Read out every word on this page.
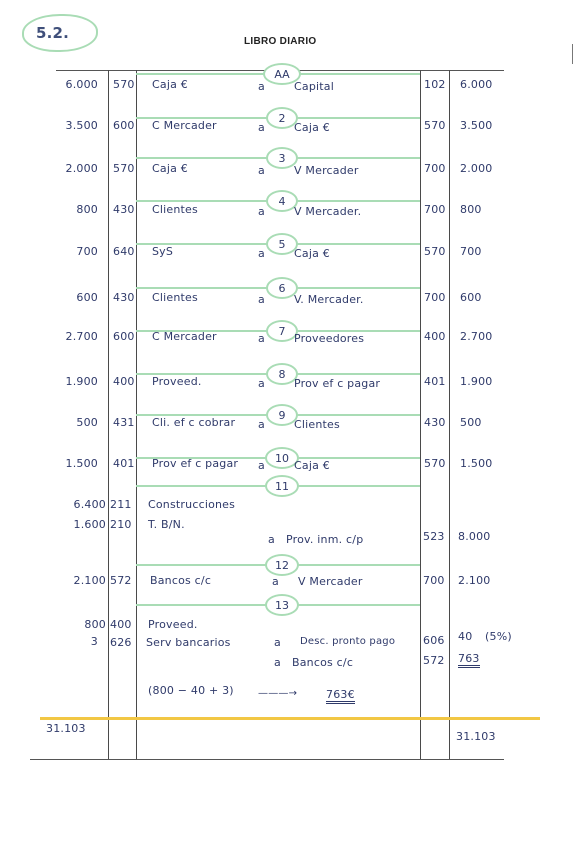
5.2.	LIBRO DIARIO
AA
6.000 570 Caja €	a	Capital	102 6.000
2
3.500 600 C Mercader	a	Caja €	570 3.500
3
2.000 570 Caja €	a	V Mercader	700 2.000
4
800 430 Clientes	a	V Mercader.	700 800
5
700 640 SyS	a	Caja €	570 700
6
600 430 Clientes	a	V. Mercader.	700 600
7
2.700 600 C Mercader	a	Proveedores	400 2.700
8
1.900 400 Proveed.	a	Prov ef c pagar	401 1.900
9
500 431 Cli. ef c cobrar a	Clientes	430 500
10
1.500 401 Prov ef c pagar a	Caja €	570 1.500
11
6.400 211 Construcciones
1.600 210 T. B/N.
a Prov. inm. c/p	523 8.000
12
2.100 572 Bancos c/c	a V Mercader	700 2.100
13
800 400 Proveed.
3 626 Serv bancarios	a Desc. pronto pago	606 40 (5%)
a Bancos c/c	572 763
(800 − 40 + 3) ———→	763€
31.103
31.103
